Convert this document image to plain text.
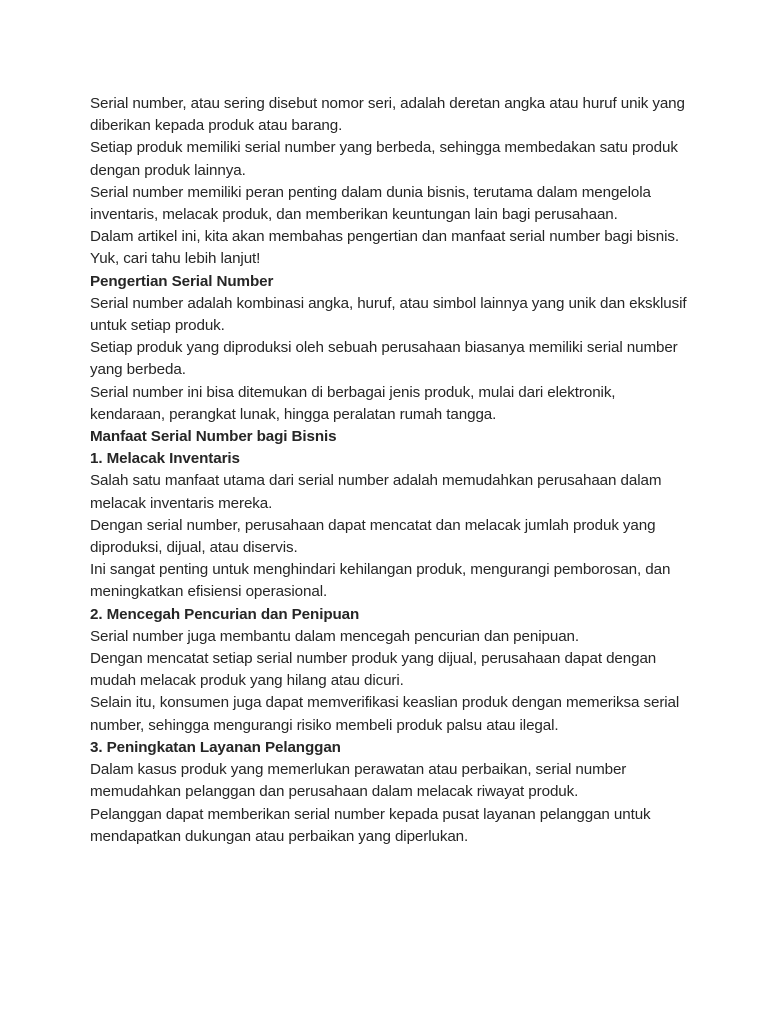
Serial number, atau sering disebut nomor seri, adalah deretan angka atau huruf unik yang diberikan kepada produk atau barang.

Setiap produk memiliki serial number yang berbeda, sehingga membedakan satu produk dengan produk lainnya.

Serial number memiliki peran penting dalam dunia bisnis, terutama dalam mengelola inventaris, melacak produk, dan memberikan keuntungan lain bagi perusahaan.

Dalam artikel ini, kita akan membahas pengertian dan manfaat serial number bagi bisnis. Yuk, cari tahu lebih lanjut!

Pengertian Serial Number

Serial number adalah kombinasi angka, huruf, atau simbol lainnya yang unik dan eksklusif untuk setiap produk.

Setiap produk yang diproduksi oleh sebuah perusahaan biasanya memiliki serial number yang berbeda.

Serial number ini bisa ditemukan di berbagai jenis produk, mulai dari elektronik, kendaraan, perangkat lunak, hingga peralatan rumah tangga.

Manfaat Serial Number bagi Bisnis
1. Melacak Inventaris

Salah satu manfaat utama dari serial number adalah memudahkan perusahaan dalam melacak inventaris mereka.

Dengan serial number, perusahaan dapat mencatat dan melacak jumlah produk yang diproduksi, dijual, atau diservis.

Ini sangat penting untuk menghindari kehilangan produk, mengurangi pemborosan, dan meningkatkan efisiensi operasional.

2. Mencegah Pencurian dan Penipuan

Serial number juga membantu dalam mencegah pencurian dan penipuan.

Dengan mencatat setiap serial number produk yang dijual, perusahaan dapat dengan mudah melacak produk yang hilang atau dicuri.

Selain itu, konsumen juga dapat memverifikasi keaslian produk dengan memeriksa serial number, sehingga mengurangi risiko membeli produk palsu atau ilegal.

3. Peningkatan Layanan Pelanggan

Dalam kasus produk yang memerlukan perawatan atau perbaikan, serial number memudahkan pelanggan dan perusahaan dalam melacak riwayat produk.

Pelanggan dapat memberikan serial number kepada pusat layanan pelanggan untuk mendapatkan dukungan atau perbaikan yang diperlukan.
